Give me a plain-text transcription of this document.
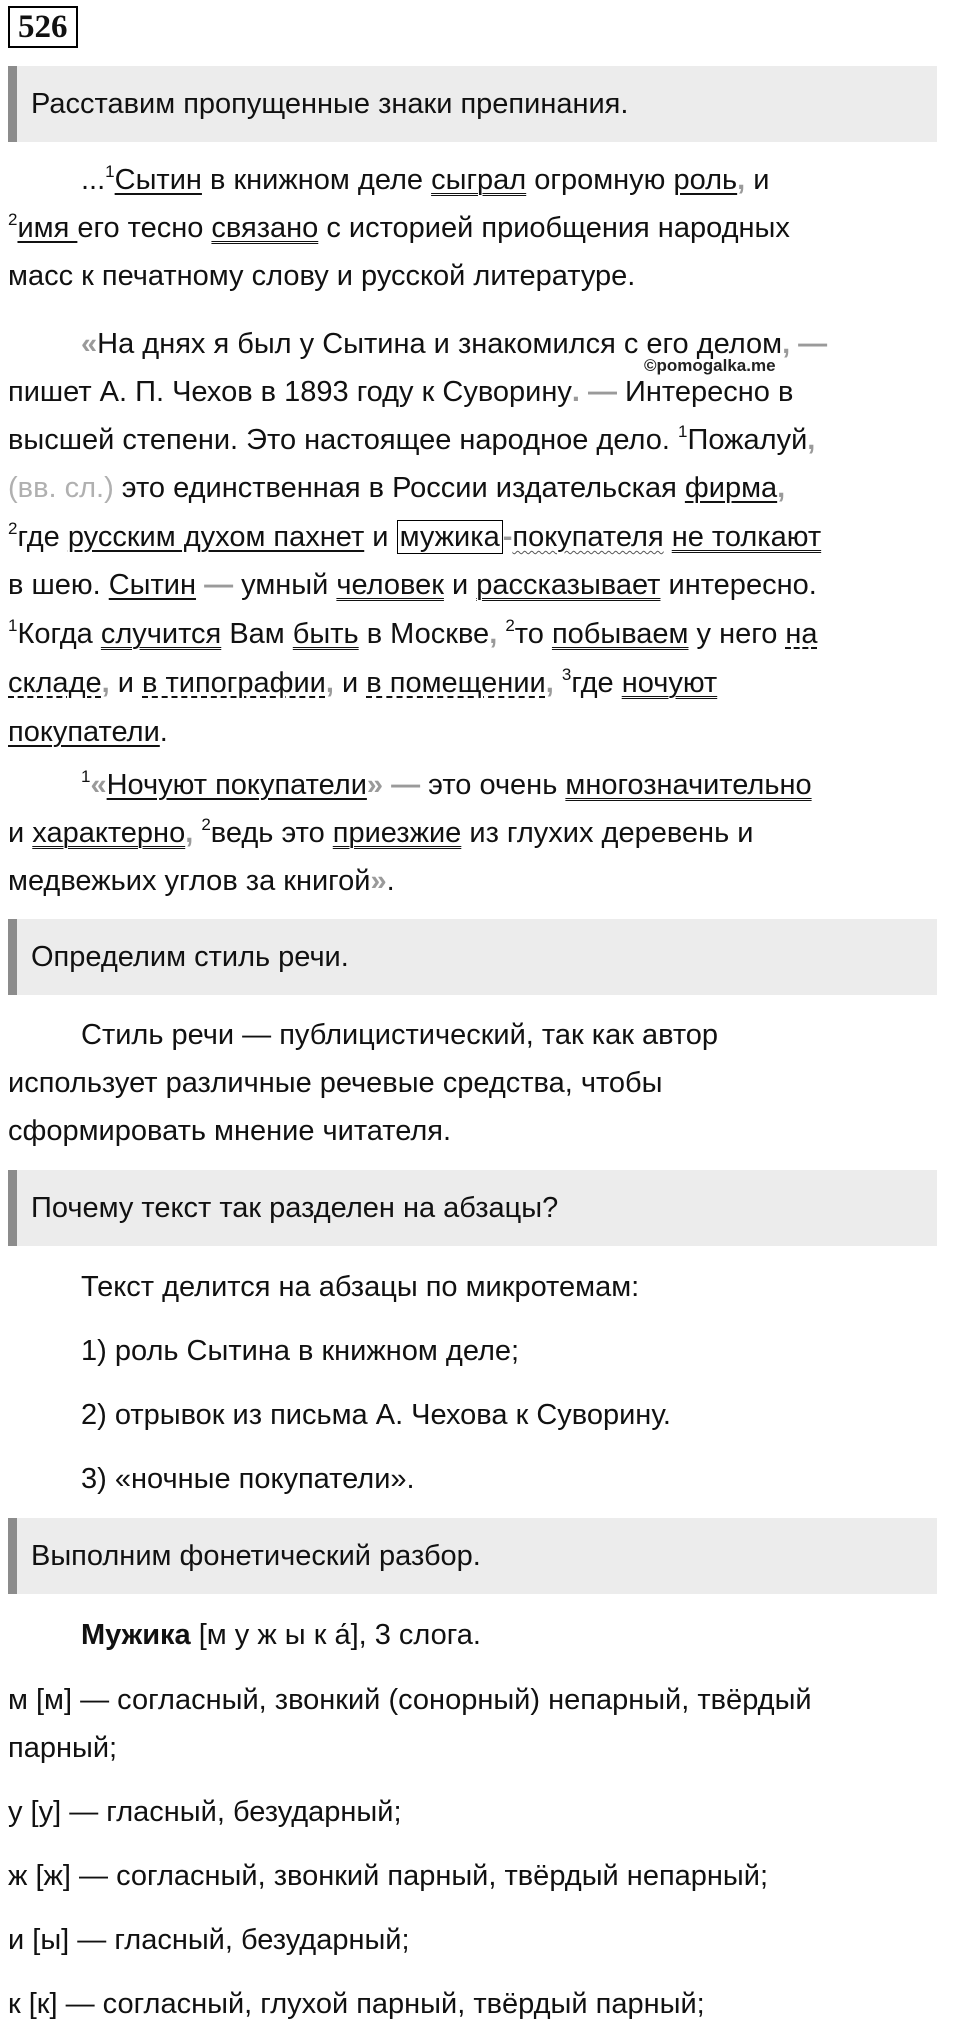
526
Расставим пропущенные знаки препинания.
...$^1$Сытин в книжном деле сыграл огромную роль, и
$^2$имя его тесно связано с историей приобщения народных
масс к печатному слову и русской литературе.
«На днях я был у Сытина и знакомился с его делом, —
©pomogalka.me
пишет А. П. Чехов в 1893 году к Суворину. — Интересно в
высшей степени. Это настоящее народное дело. $^1$Пожалуй,
(вв. сл.) это единственная в России издательская фирма,
$^2$где русским духом пахнет и мужика -покупателя не толкают
в шею. Сытин — умный человек и рассказывает интересно.
$^1$Когда случится Вам быть в Москве, $^2$то побываем у него на
складе, и в типографии, и в помещении, $^3$где ночуют
покупатели.
$^1$«Ночуют покупатели» — это очень многозначительно
и характерно, $^2$ведь это приезжие из глухих деревень и
медвежьих углов за книгой».
Определим стиль речи.
Стиль речи — публицистический, так как автор
использует различные речевые средства, чтобы
сформировать мнение читателя.
Почему текст так разделен на абзацы?
Текст делится на абзацы по микротемам:
1) роль Сытина в книжном деле;
2) отрывок из письма А. Чехова к Суворину.
3) «ночные покупатели».
Выполним фонетический разбор.
Мужика [м у ж ы к а́], 3 слога.
м [м] — согласный, звонкий (сонорный) непарный, твёрдый
парный;
у [у] — гласный, безударный;
ж [ж] — согласный, звонкий парный, твёрдый непарный;
и [ы] — гласный, безударный;
к [к] — согласный, глухой парный, твёрдый парный;
